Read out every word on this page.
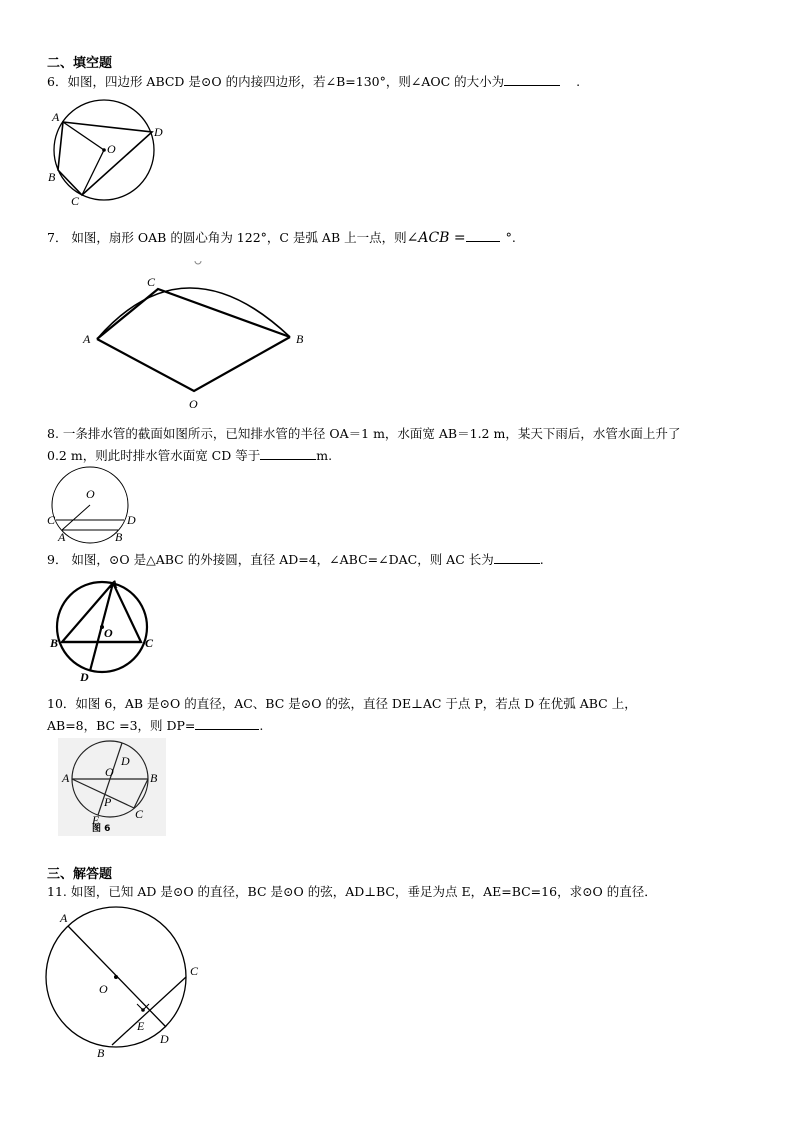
二、填空题
6．如图，四边形 ABCD 是⊙O 的内接四边形，若∠B=130°，则∠AOC 的大小为	.
A
D
O
B
C
7． 如图，扇形 OAB 的圆心角为 122°，C 是弧 AB 上一点，则∠ACB =	°.
A
C
B
O
8. 一条排水管的截面如图所示，已知排水管的半径 OA＝1 m，水面宽 AB＝1.2 m，某天下雨后，水管水面上升了
0.2 m，则此时排水管水面宽 CD 等于	m.
O
C	D
A	B
9． 如图，⊙O 是△ABC 的外接圆，直径 AD=4，∠ABC=∠DAC，则 AC 长为	.
A
B	C
O
D
10．如图 6，AB 是⊙O 的直径，AC、BC 是⊙O 的弦，直径 DE⊥AC 于点 P，若点 D 在优弧 ABC 上，
AB=8，BC =3，则 DP=	.
A	B
C
D
E
O
P
图 6
三、解答题
11. 如图，已知 AD 是⊙O 的直径，BC 是⊙O 的弦，AD⊥BC，垂足为点 E，AE=BC=16，求⊙O 的直径．
A
O
C
E
D
B
